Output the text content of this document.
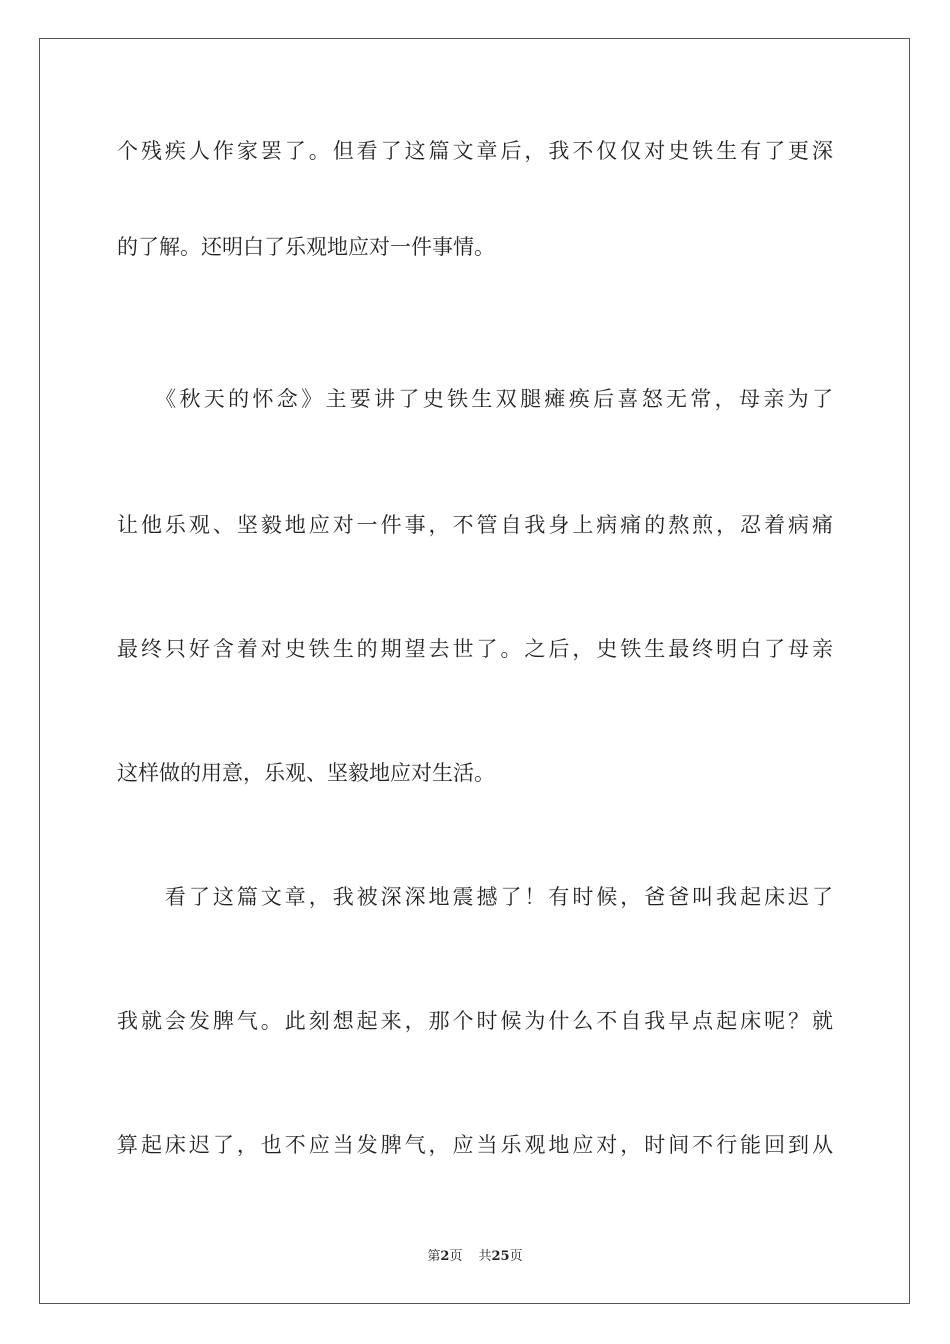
个残疾人作家罢了。但看了这篇文章后，我不仅仅对史铁生有了更深
的了解。还明白了乐观地应对一件事情。
　　《秋天的怀念》主要讲了史铁生双腿瘫痪后喜怒无常，母亲为了
让他乐观、坚毅地应对一件事，不管自我身上病痛的熬煎，忍着病痛
最终只好含着对史铁生的期望去世了。之后，史铁生最终明白了母亲
这样做的用意，乐观、坚毅地应对生活。
　　看了这篇文章，我被深深地震撼了！有时候，爸爸叫我起床迟了
我就会发脾气。此刻想起来，那个时候为什么不自我早点起床呢？就
算起床迟了，也不应当发脾气，应当乐观地应对，时间不行能回到从
第2页 共25页
